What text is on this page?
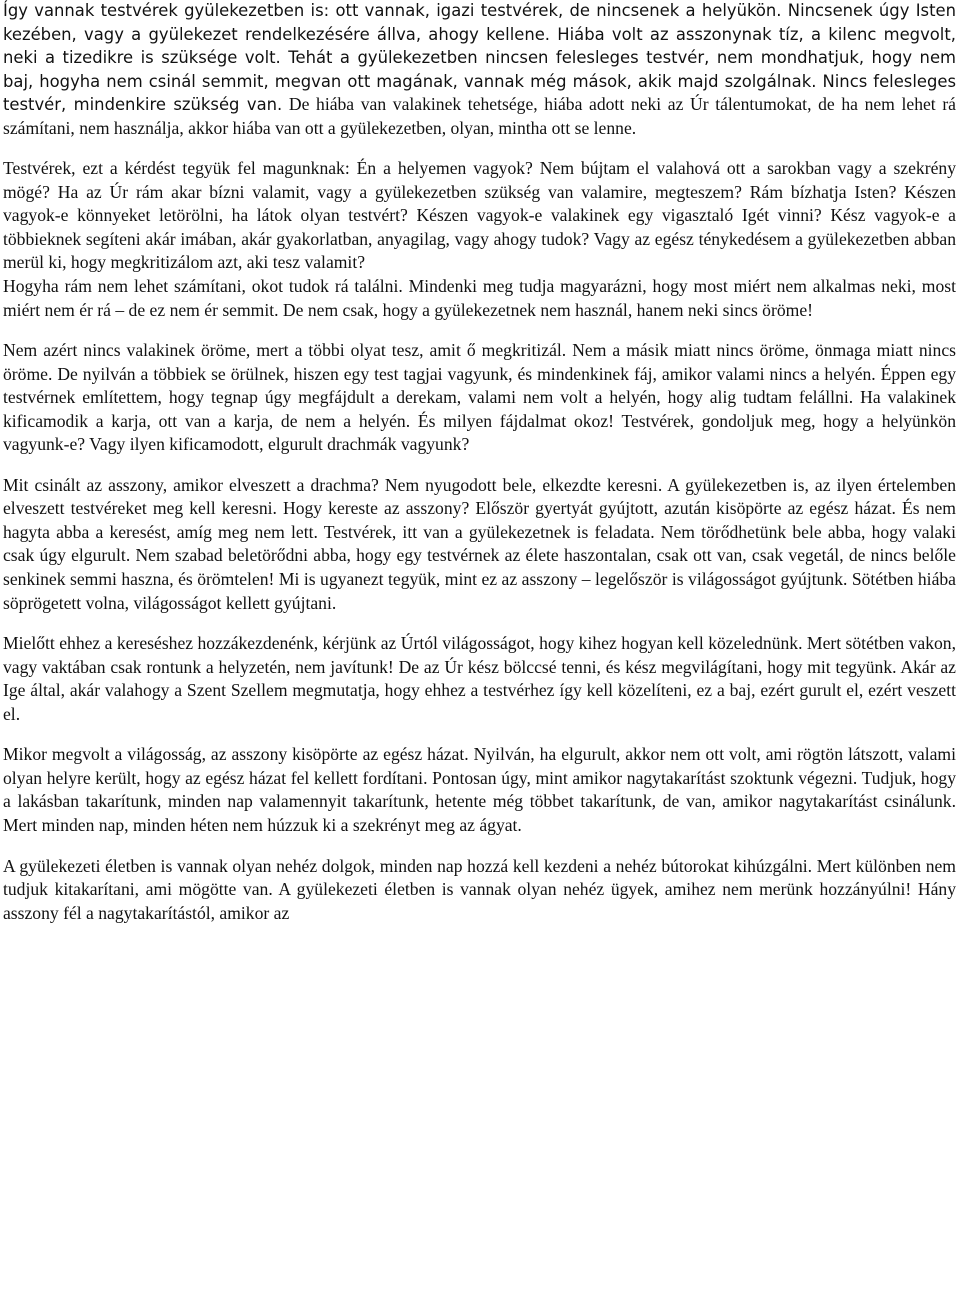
Így vannak testvérek gyülekezetben is: ott vannak, igazi testvérek, de nincsenek a helyükön. Nincsenek úgy Isten kezében, vagy a gyülekezet rendelkezésére állva, ahogy kellene. Hiába volt az asszonynak tíz, a kilenc megvolt, neki a tizedikre is szüksége volt. Tehát a gyülekezetben nincsen felesleges testvér, nem mondhatjuk, hogy nem baj, hogyha nem csinál semmit, megvan ott magának, vannak még mások, akik majd szolgálnak. Nincs felesleges testvér, mindenkire szükség van. De hiába van valakinek tehetsége, hiába adott neki az Úr tálentumokat, de ha nem lehet rá számítani, nem használja, akkor hiába van ott a gyülekezetben, olyan, mintha ott se lenne.

Testvérek, ezt a kérdést tegyük fel magunknak: Én a helyemen vagyok? Nem bújtam el valahová ott a sarokban vagy a szekrény mögé? Ha az Úr rám akar bízni valamit, vagy a gyülekezetben szükség van valamire, megteszem? Rám bízhatja Isten? Készen vagyok-e könnyeket letörölni, ha látok olyan testvért? Készen vagyok-e valakinek egy vigasztaló Igét vinni? Kész vagyok-e a többieknek segíteni akár imában, akár gyakorlatban, anyagilag, vagy ahogy tudok? Vagy az egész ténykedésem a gyülekezetben abban merül ki, hogy megkritizálom azt, aki tesz valamit?

Hogyha rám nem lehet számítani, okot tudok rá találni. Mindenki meg tudja magyarázni, hogy most miért nem alkalmas neki, most miért nem ér rá – de ez nem ér semmit. De nem csak, hogy a gyülekezetnek nem használ, hanem neki sincs öröme!

Nem azért nincs valakinek öröme, mert a többi olyat tesz, amit ő megkritizál. Nem a másik miatt nincs öröme, önmaga miatt nincs öröme. De nyilván a többiek se örülnek, hiszen egy test tagjai vagyunk, és mindenkinek fáj, amikor valami nincs a helyén. Éppen egy testvérnek említettem, hogy tegnap úgy megfájdult a derekam, valami nem volt a helyén, hogy alig tudtam felállni. Ha valakinek kificamodik a karja, ott van a karja, de nem a helyén. És milyen fájdalmat okoz! Testvérek, gondoljuk meg, hogy a helyünkön vagyunk-e? Vagy ilyen kificamodott, elgurult drachmák vagyunk?

Mit csinált az asszony, amikor elveszett a drachma? Nem nyugodott bele, elkezdte keresni. A gyülekezetben is, az ilyen értelemben elveszett testvéreket meg kell keresni. Hogy kereste az asszony? Először gyertyát gyújtott, azután kisöpörte az egész házat. És nem hagyta abba a keresést, amíg meg nem lett. Testvérek, itt van a gyülekezetnek is feladata. Nem törődhetünk bele abba, hogy valaki csak úgy elgurult. Nem szabad beletörődni abba, hogy egy testvérnek az élete haszontalan, csak ott van, csak vegetál, de nincs belőle senkinek semmi haszna, és örömtelen! Mi is ugyanezt tegyük, mint ez az asszony – legelőször is világosságot gyújtunk. Sötétben hiába söprögetett volna, világosságot kellett gyújtani.

Mielőtt ehhez a kereséshez hozzákezdenénk, kérjünk az Úrtól világosságot, hogy kihez hogyan kell közelednünk. Mert sötétben vakon, vagy vaktában csak rontunk a helyzetén, nem javítunk! De az Úr kész bölccsé tenni, és kész megvilágítani, hogy mit tegyünk. Akár az Ige által, akár valahogy a Szent Szellem megmutatja, hogy ehhez a testvérhez így kell közelíteni, ez a baj, ezért gurult el, ezért veszett el.

Mikor megvolt a világosság, az asszony kisöpörte az egész házat. Nyilván, ha elgurult, akkor nem ott volt, ami rögtön látszott, valami olyan helyre került, hogy az egész házat fel kellett fordítani. Pontosan úgy, mint amikor nagytakarítást szoktunk végezni. Tudjuk, hogy a lakásban takarítunk, minden nap valamennyit takarítunk, hetente még többet takarítunk, de van, amikor nagytakarítást csinálunk. Mert minden nap, minden héten nem húzzuk ki a szekrényt meg az ágyat.

A gyülekezeti életben is vannak olyan nehéz dolgok, minden nap hozzá kell kezdeni a nehéz bútorokat kihúzgálni. Mert különben nem tudjuk kitakarítani, ami mögötte van. A gyülekezeti életben is vannak olyan nehéz ügyek, amihez nem merünk hozzányúlni! Hány asszony fél a nagytakarítástól, amikor az
